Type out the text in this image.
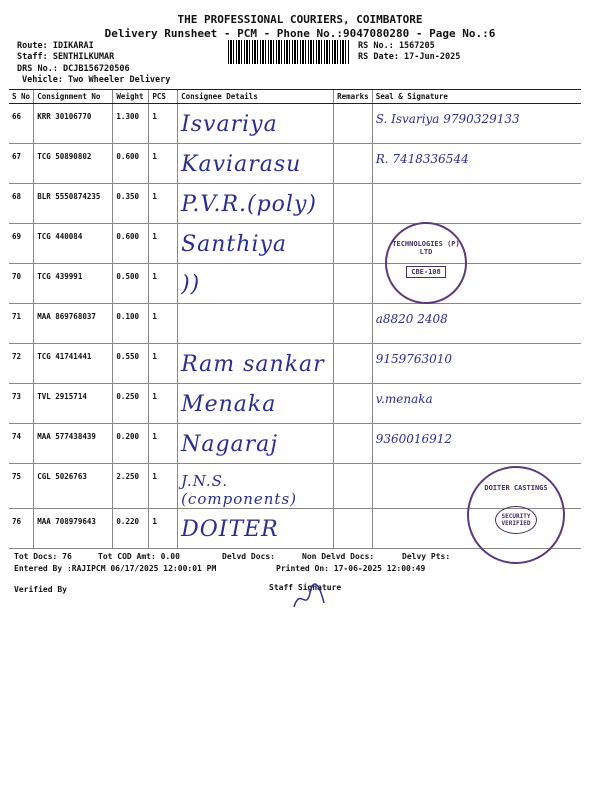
THE PROFESSIONAL COURIERS, COIMBATORE
Delivery Runsheet - PCM - Phone No.:9047080280 - Page No.:6
Route: IDIKARAI
Staff: SENTHILKUMAR
DRS No.: DCJB156720506
Vehicle: Two Wheeler Delivery
RS No.: 1567205
RS Date: 17-Jun-2025
S No	Consignment No	Weight	PCS	Consignee Details	Remarks	Seal & Signature
66	KRR 30106770	1.300	1	Isvariya		S. Isvariya 9790329133
67	TCG 50890802	0.600	1	Kaviarasu		R. 7418336544
68	BLR 5550874235	0.350	1	P.V.R.(poly)		
69	TCG 440084	0.600	1	Santhiya		
70	TCG 439991	0.500	1	))		
71	MAA 869768037	0.100	1			a8820 2408
72	TCG 41741441	0.550	1	Ram sankar		9159763010
73	TVL 2915714	0.250	1	Menaka		v.menaka
74	MAA 577438439	0.200	1	Nagaraj		9360016912
75	CGL 5026763	2.250	1	J.N.S.(components)		
76	MAA 708979643	0.220	1	DOITER		
TECHNOLOGIES (P) LTD
CBE-108
DOITER CASTINGS
SECURITY VERIFIED
Tot Docs: 76	Tot COD Amt: 0.00	Delvd Docs:	Non Delvd Docs:	Delvy Pts:
Entered By :RAJIPCM 06/17/2025 12:00:01 PM	Printed On: 17-06-2025 12:00:49
Verified By	Staff Signature
